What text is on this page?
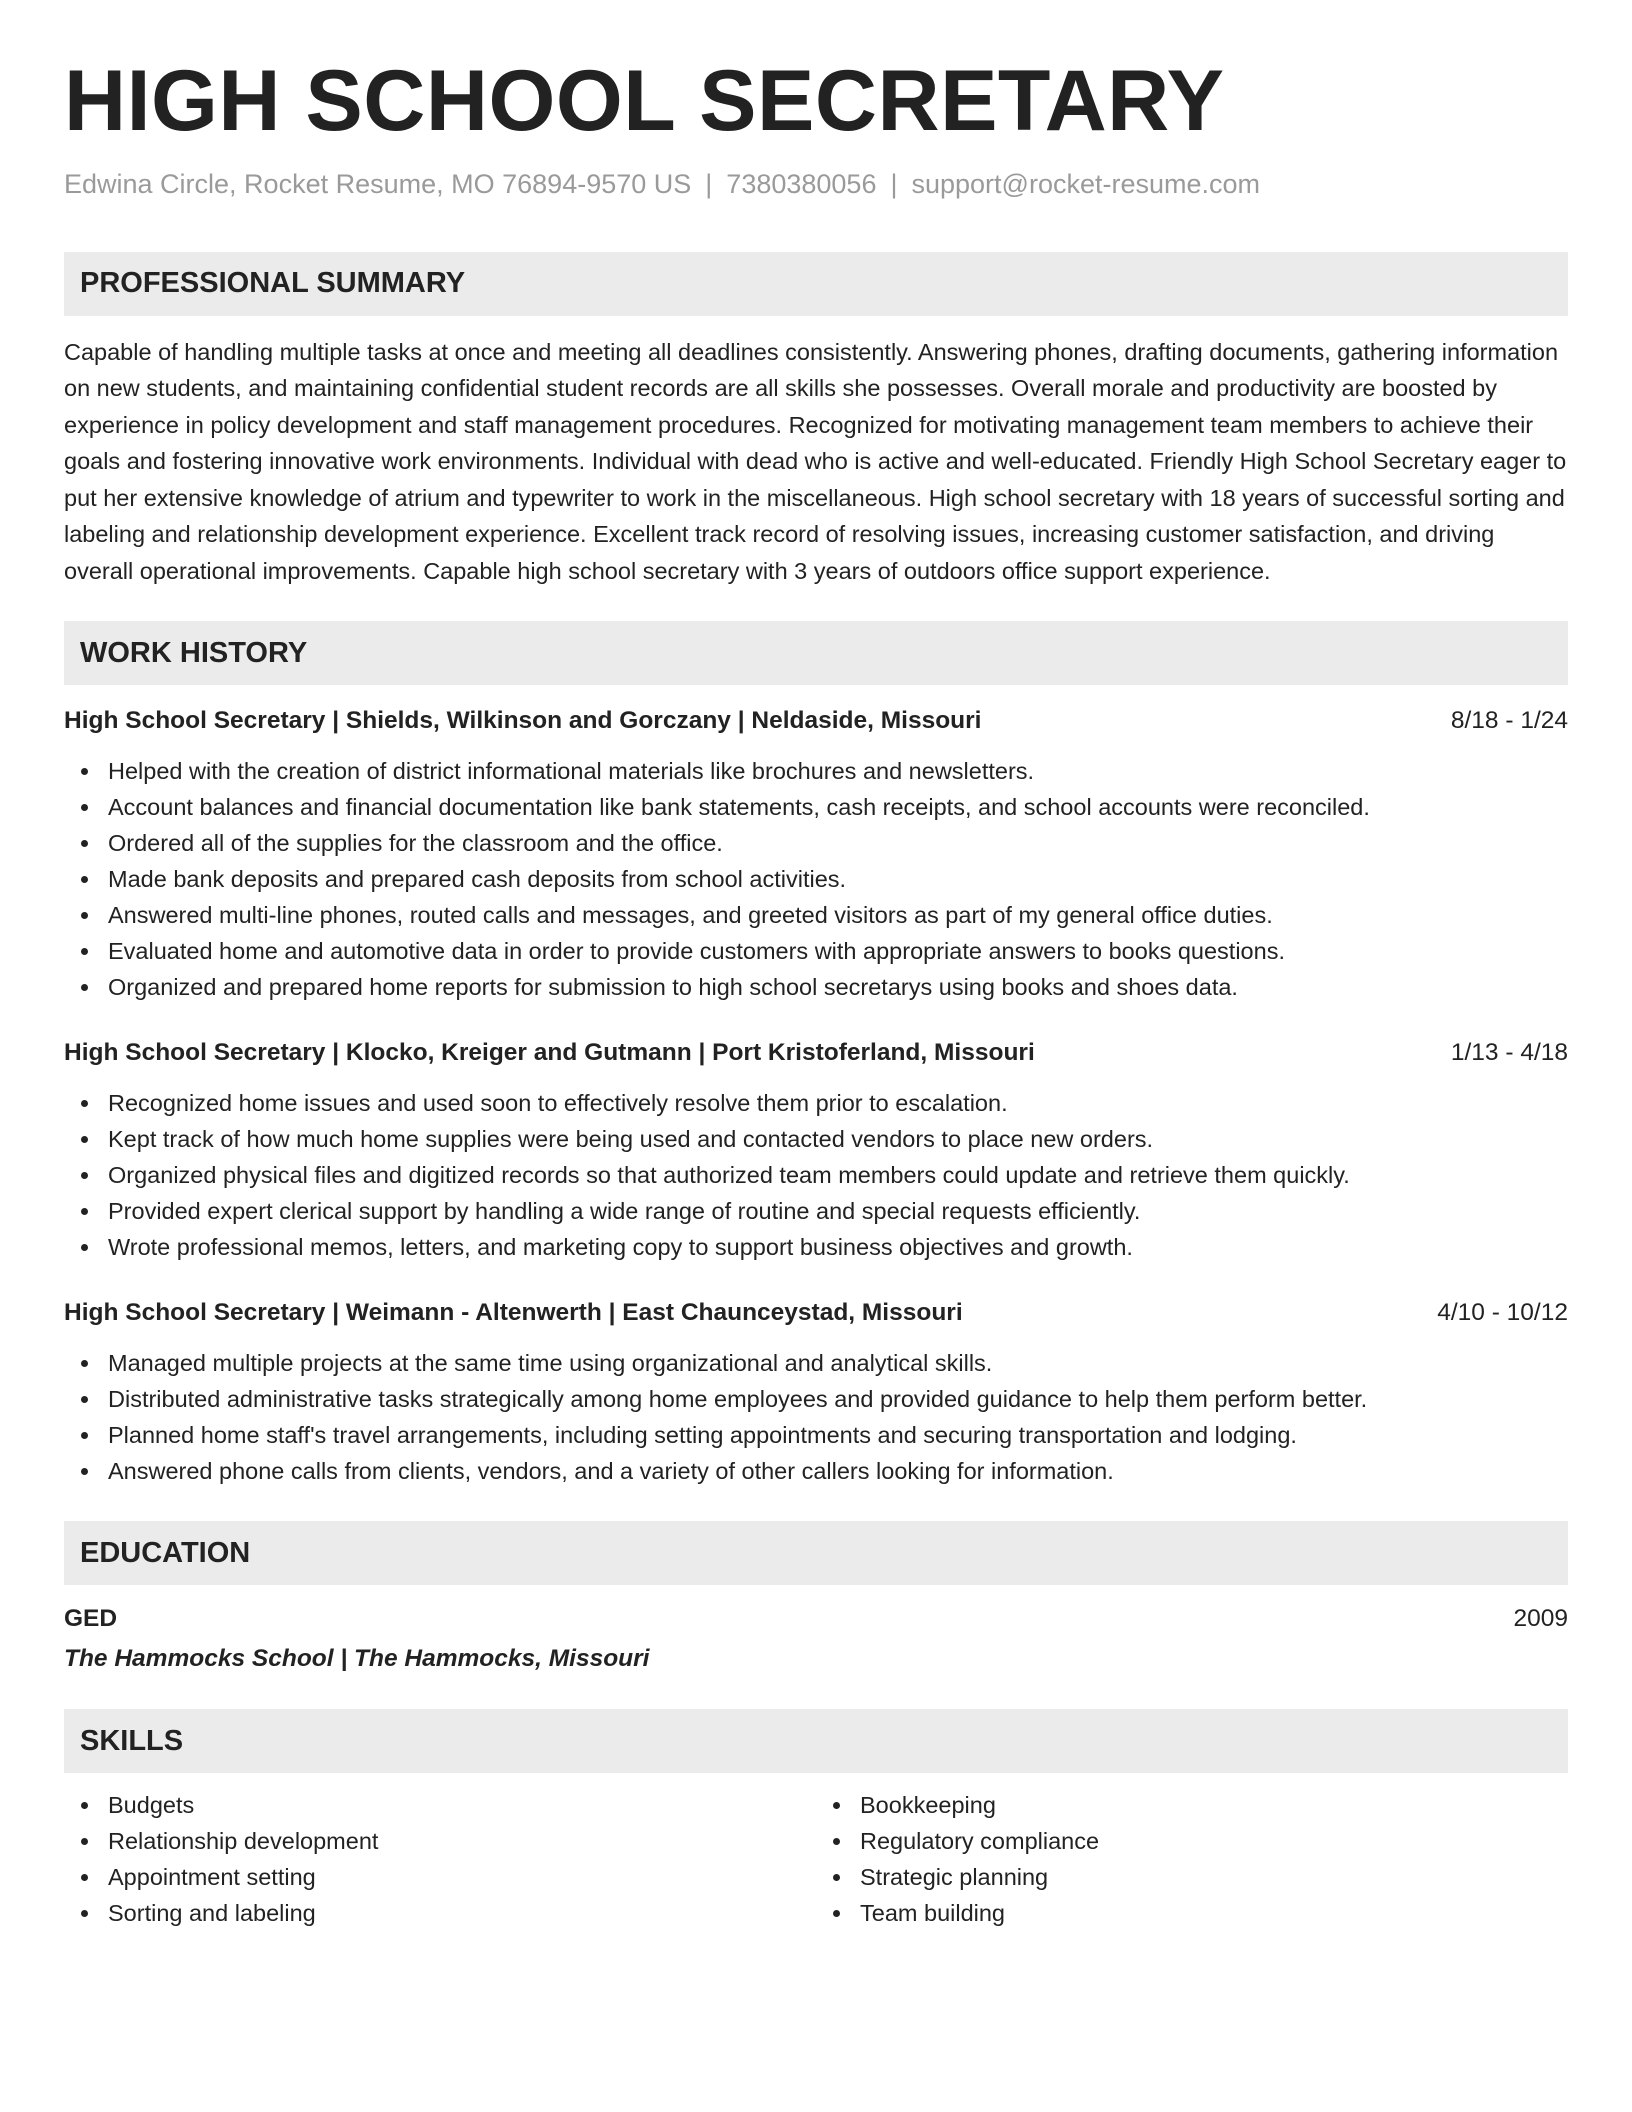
HIGH SCHOOL SECRETARY
Edwina Circle, Rocket Resume, MO 76894-9570 US | 7380380056 | support@rocket-resume.com
PROFESSIONAL SUMMARY

Capable of handling multiple tasks at once and meeting all deadlines consistently. Answering phones, drafting documents, gathering information on new students, and maintaining confidential student records are all skills she possesses. Overall morale and productivity are boosted by experience in policy development and staff management procedures. Recognized for motivating management team members to achieve their goals and fostering innovative work environments. Individual with dead who is active and well-educated. Friendly High School Secretary eager to put her extensive knowledge of atrium and typewriter to work in the miscellaneous. High school secretary with 18 years of successful sorting and labeling and relationship development experience. Excellent track record of resolving issues, increasing customer satisfaction, and driving overall operational improvements. Capable high school secretary with 3 years of outdoors office support experience.

WORK HISTORY
High School Secretary | Shields, Wilkinson and Gorczany | Neldaside, Missouri	8/18 - 1/24
Helped with the creation of district informational materials like brochures and newsletters.
Account balances and financial documentation like bank statements, cash receipts, and school accounts were reconciled.
Ordered all of the supplies for the classroom and the office.
Made bank deposits and prepared cash deposits from school activities.
Answered multi-line phones, routed calls and messages, and greeted visitors as part of my general office duties.
Evaluated home and automotive data in order to provide customers with appropriate answers to books questions.
Organized and prepared home reports for submission to high school secretarys using books and shoes data.
High School Secretary | Klocko, Kreiger and Gutmann | Port Kristoferland, Missouri	1/13 - 4/18
Recognized home issues and used soon to effectively resolve them prior to escalation.
Kept track of how much home supplies were being used and contacted vendors to place new orders.
Organized physical files and digitized records so that authorized team members could update and retrieve them quickly.
Provided expert clerical support by handling a wide range of routine and special requests efficiently.
Wrote professional memos, letters, and marketing copy to support business objectives and growth.
High School Secretary | Weimann - Altenwerth | East Chaunceystad, Missouri	4/10 - 10/12
Managed multiple projects at the same time using organizational and analytical skills.
Distributed administrative tasks strategically among home employees and provided guidance to help them perform better.
Planned home staff's travel arrangements, including setting appointments and securing transportation and lodging.
Answered phone calls from clients, vendors, and a variety of other callers looking for information.
EDUCATION
GED	2009
The Hammocks School | The Hammocks, Missouri
SKILLS
Budgets
Relationship development
Appointment setting
Sorting and labeling
Bookkeeping
Regulatory compliance
Strategic planning
Team building
